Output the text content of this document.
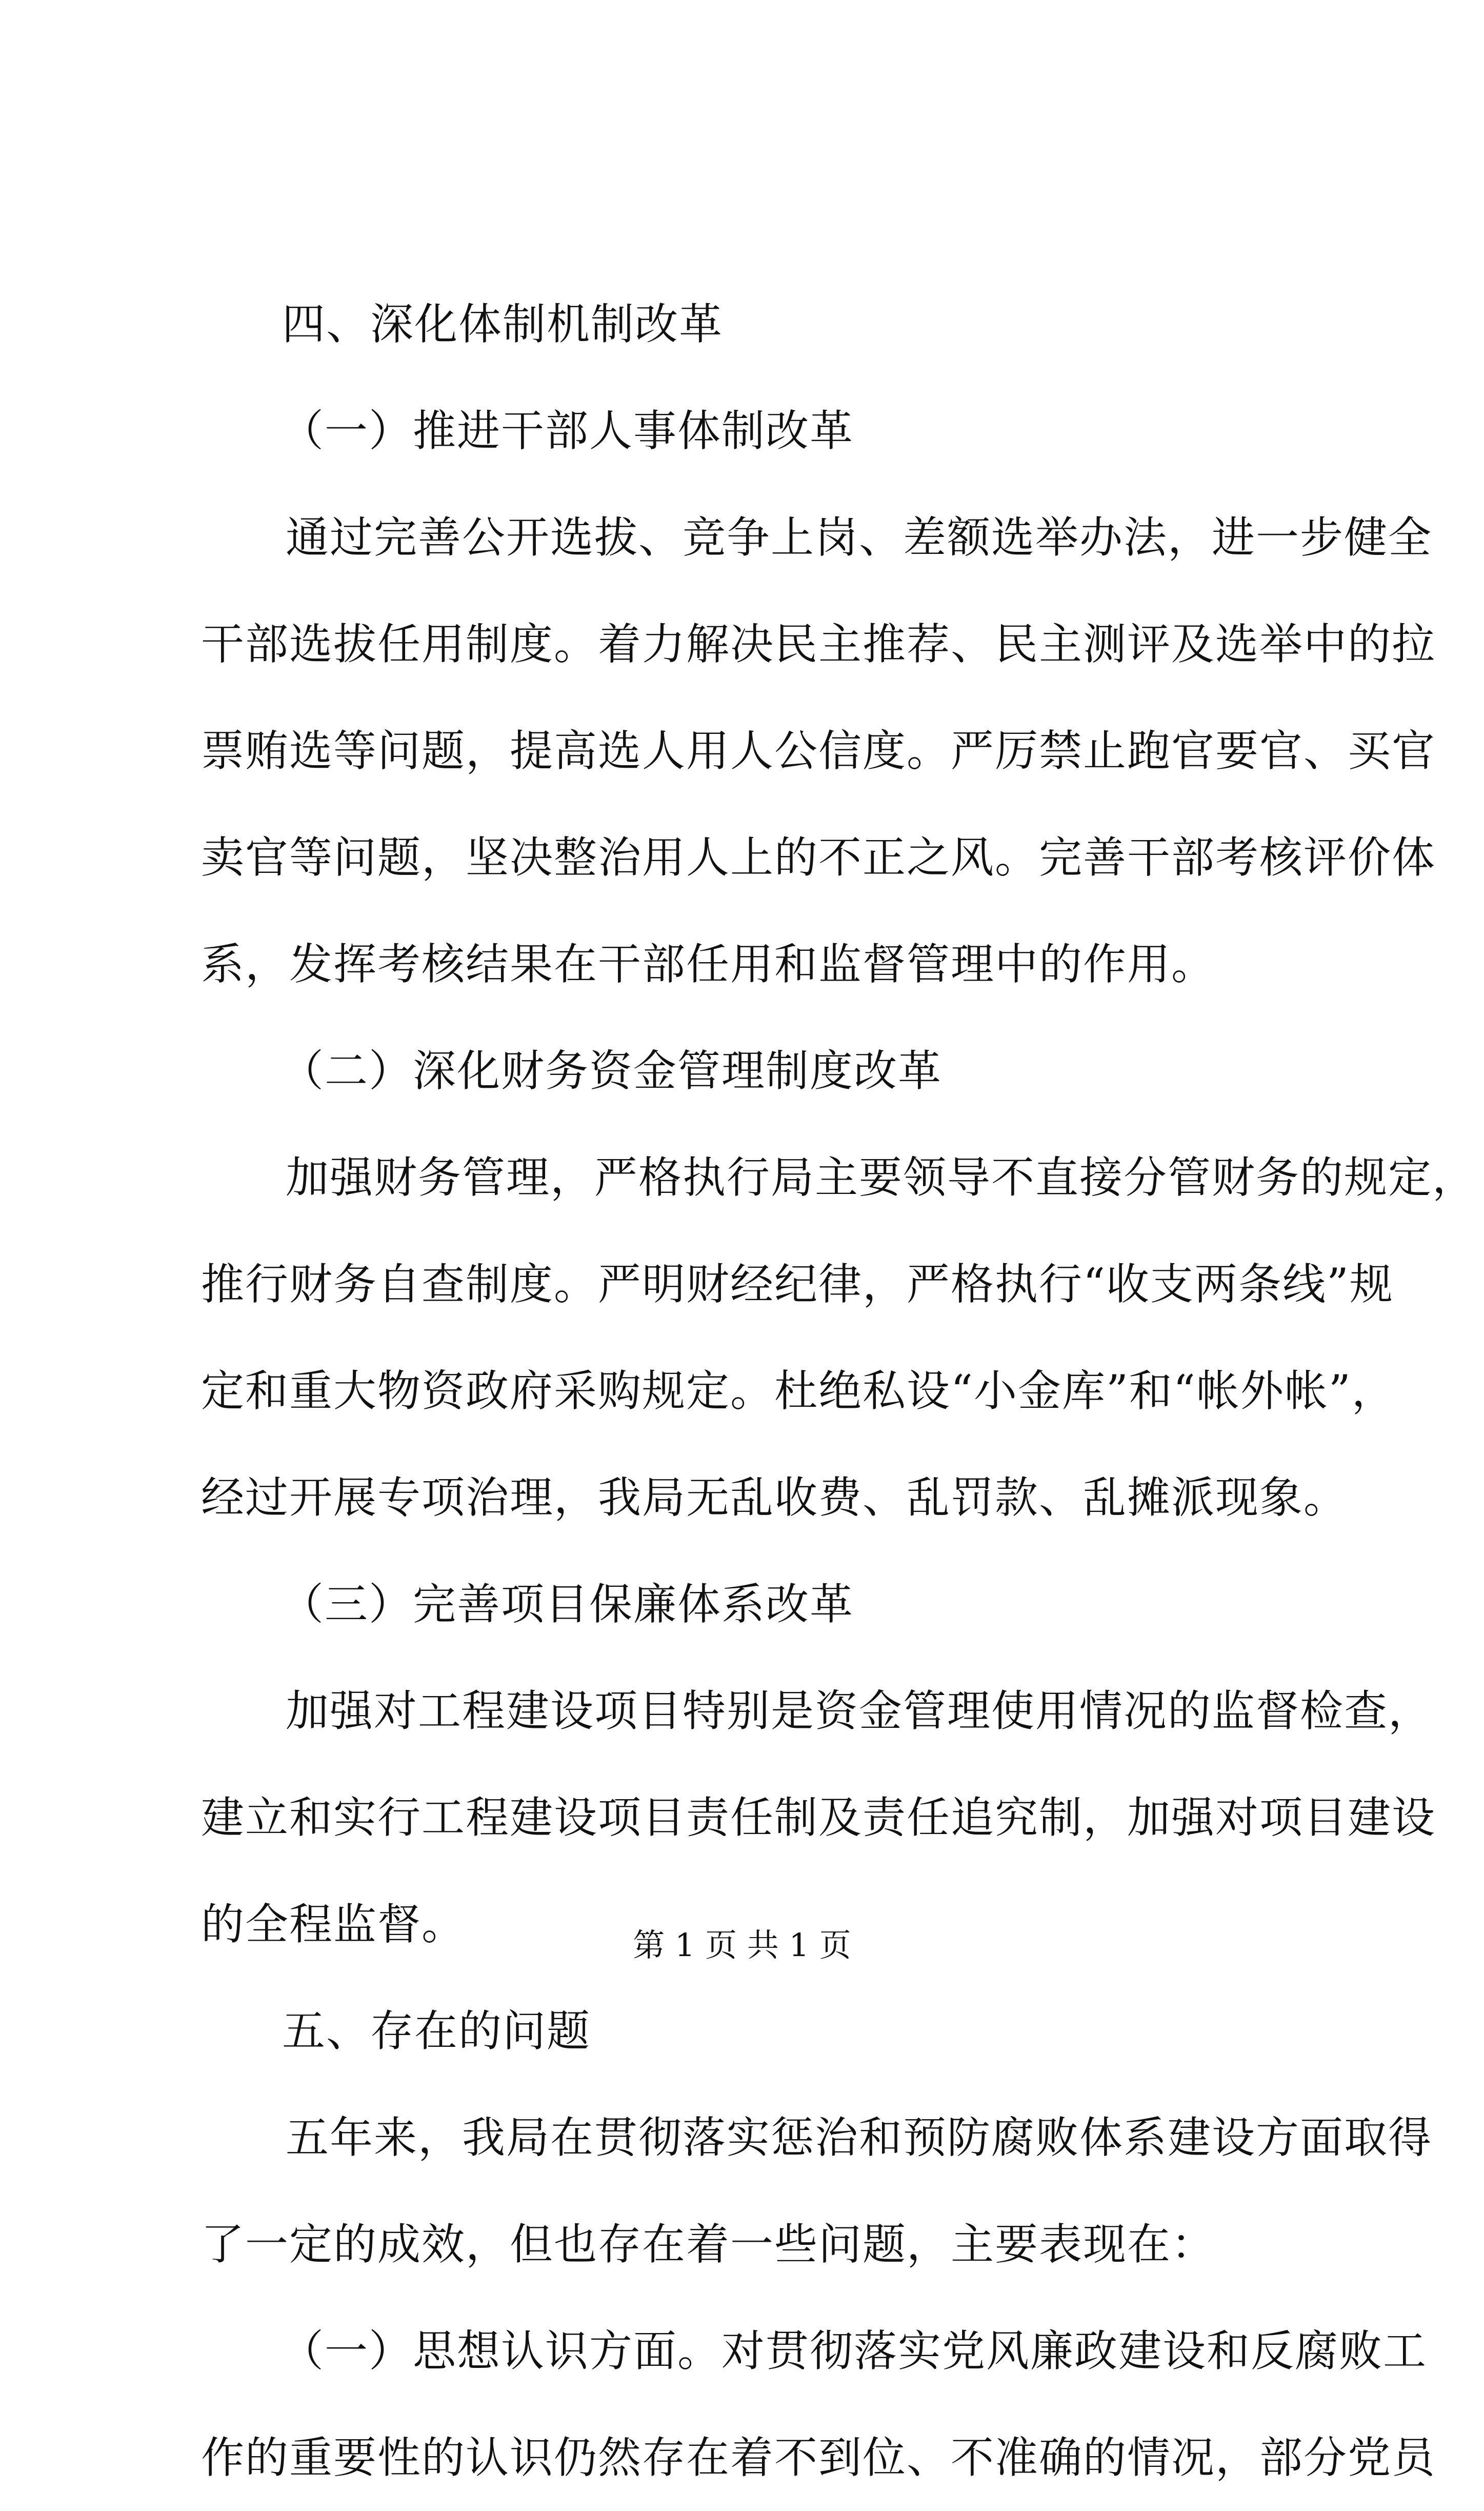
四、深化体制机制改革
（一）推进干部人事体制改革
通过完善公开选拔、竞争上岗、差额选举办法，进一步健全
干部选拔任用制度。着力解决民主推荐、民主测评及选举中的拉
票贿选等问题，提高选人用人公信度。严厉禁止跑官要官、买官
卖官等问题，坚决整治用人上的不正之风。完善干部考核评价体
系，发挥考核结果在干部任用和监督管理中的作用。
（二）深化财务资金管理制度改革
加强财务管理，严格执行局主要领导不直接分管财务的规定，
推行财务自查制度。严明财经纪律，严格执行“收支两条线”规
定和重大物资政府采购规定。杜绝私设“小金库”和“帐外帐”，
经过开展专项治理，我局无乱收费、乱罚款、乱摊派现象。
（三）完善项目保廉体系改革
加强对工程建设项目特别是资金管理使用情况的监督检查，
建立和实行工程建设项目责任制及责任追究制，加强对项目建设
的全程监督。
五、存在的问题
五年来，我局在贯彻落实惩治和预防腐败体系建设方面取得
了一定的成效，但也存在着一些问题，主要表现在：
（一）思想认识方面。对贯彻落实党风廉政建设和反腐败工
作的重要性的认识仍然存在着不到位、不准确的情况，部分党员
第 1 页 共 1 页
